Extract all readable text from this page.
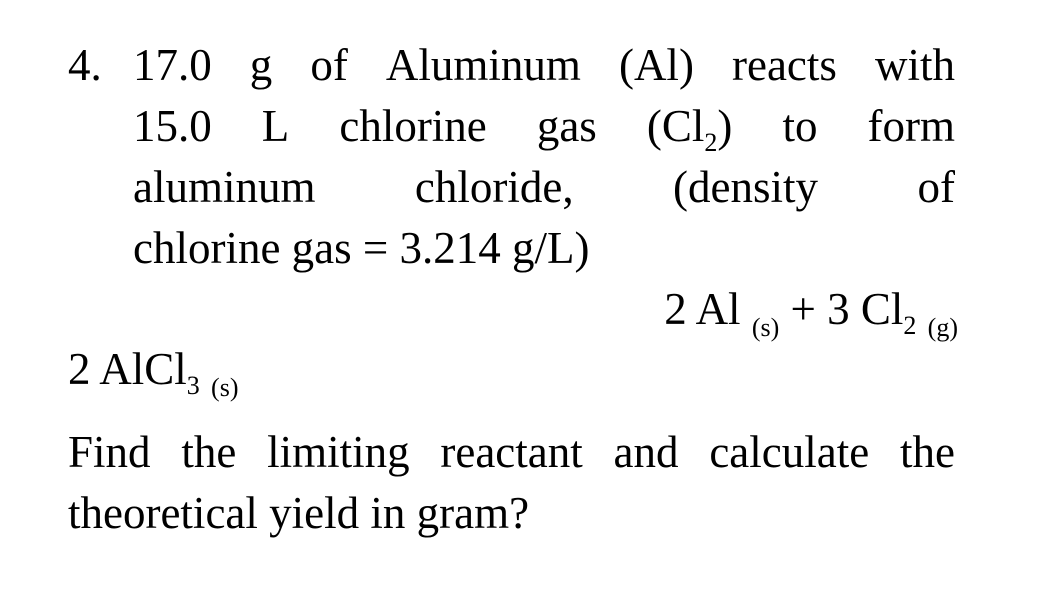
4. 17.0 g of Aluminum (Al) reacts with
15.0 L chlorine gas $(Cl_2)$ to form
aluminum chloride, (density of
chlorine gas = 3.214 g/L)
2 Al $_{(s)}$ + 3 $Cl_2$ $_{(g)}$
2 AlCl$_3$ $_{(s)}$
Find the limiting reactant and calculate the
theoretical yield in gram?
